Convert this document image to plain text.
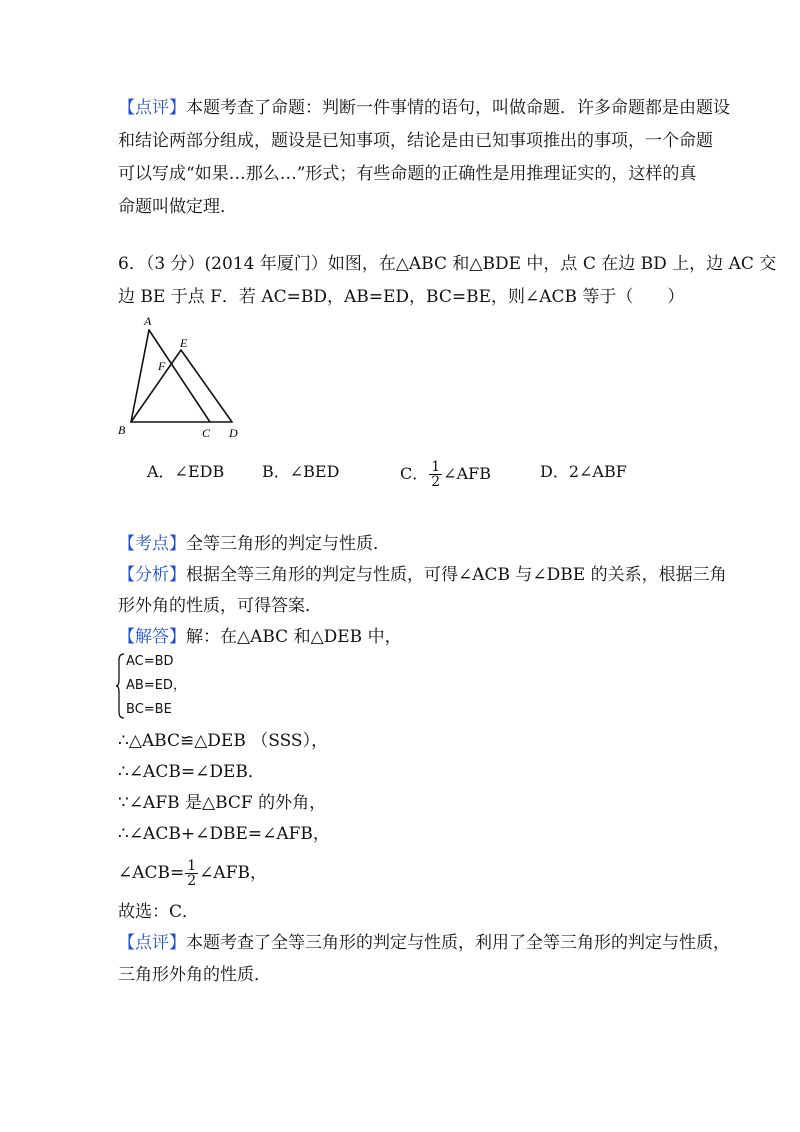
【点评】本题考查了命题：判断一件事情的语句，叫做命题．许多命题都是由题设
和结论两部分组成，题设是已知事项，结论是由已知事项推出的事项，一个命题
可以写成“如果…那么…”形式；有些命题的正确性是用推理证实的，这样的真
命题叫做定理．
6．（3 分）(2014 年厦门）如图，在△ABC 和△BDE 中，点 C 在边 BD 上，边 AC 交
边 BE 于点 F．若 AC=BD，AB=ED，BC=BE，则∠ACB 等于（　　）
A
E
F
B	C D
A．∠EDB B．∠BED	C． $\frac{1}{2}$ ∠AFB	D．2∠ABF
【考点】全等三角形的判定与性质．
【分析】根据全等三角形的判定与性质，可得∠ACB 与∠DBE 的关系，根据三角
形外角的性质，可得答案．
【解答】解：在△ABC 和△DEB 中，
AC=BD
AB=ED，
BC=BE
∴△ABC≌△DEB （SSS），
∴∠ACB=∠DEB．
∵∠AFB 是△BCF 的外角，
∴∠ACB+∠DBE=∠AFB，
∠ACB= $\frac{1}{2}$ ∠AFB，
故选：C．
【点评】本题考查了全等三角形的判定与性质，利用了全等三角形的判定与性质，
三角形外角的性质．
